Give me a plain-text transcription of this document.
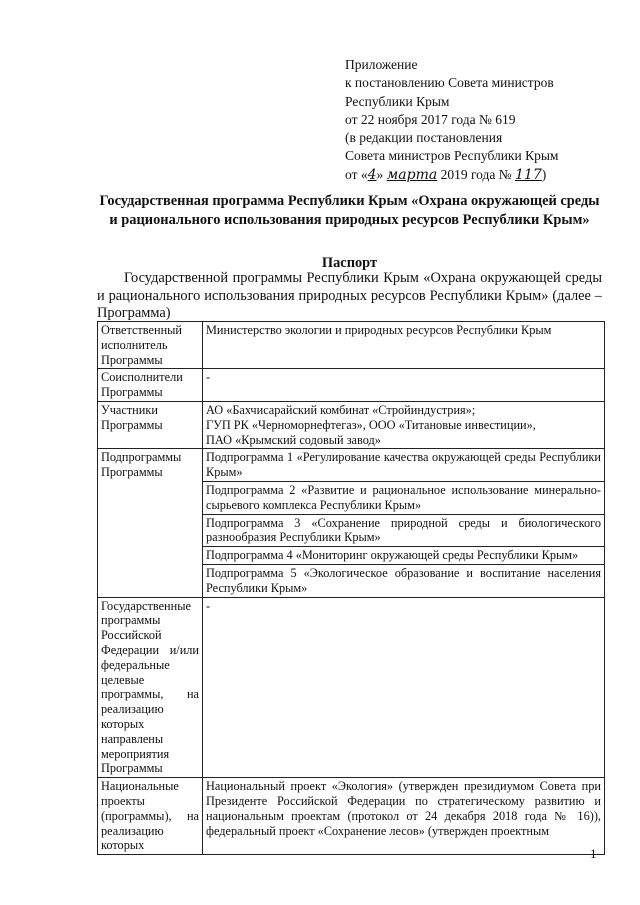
Приложение
к постановлению Совета министров
Республики Крым
от 22 ноября 2017 года № 619
(в редакции постановления
Совета министров Республики Крым
от «4» марта 2019 года № 117)
Государственная программа Республики Крым «Охрана окружающей среды и рационального использования природных ресурсов Республики Крым»
Паспорт
Государственной программы Республики Крым «Охрана окружающей среды и рационального использования природных ресурсов Республики Крым» (далее – Программа)
Ответственный исполнитель Программы	Министерство экологии и природных ресурсов Республики Крым
Соисполнители Программы	-
Участники Программы	АО «Бахчисарайский комбинат «Стройиндустрия»;
ГУП РК «Черноморнефтегаз», ООО «Титановые инвестиции»,
ПАО «Крымский содовый завод»

Подпрограммы Программы	Подпрограмма 1 «Регулирование качества окружающей среды Республики Крым»

	Подпрограмма 2 «Развитие и рациональное использование минерально-сырьевого комплекса Республики Крым»

	Подпрограмма 3 «Сохранение природной среды и биологического разнообразия Республики Крым»

	Подпрограмма 4 «Мониторинг окружающей среды Республики Крым»

	Подпрограмма 5 «Экологическое образование и воспитание населения Республики Крым»

Государственные программы Российской Федерации и/или федеральные целевые программы, на реализацию которых направлены мероприятия Программы	-
Национальные проекты (программы), на реализацию которых	Национальный проект «Экология» (утвержден президиумом Совета при Президенте Российской Федерации по стратегическому развитию и национальным проектам (протокол от 24 декабря 2018 года № 16)), федеральный проект «Сохранение лесов» (утвержден проектным
1
